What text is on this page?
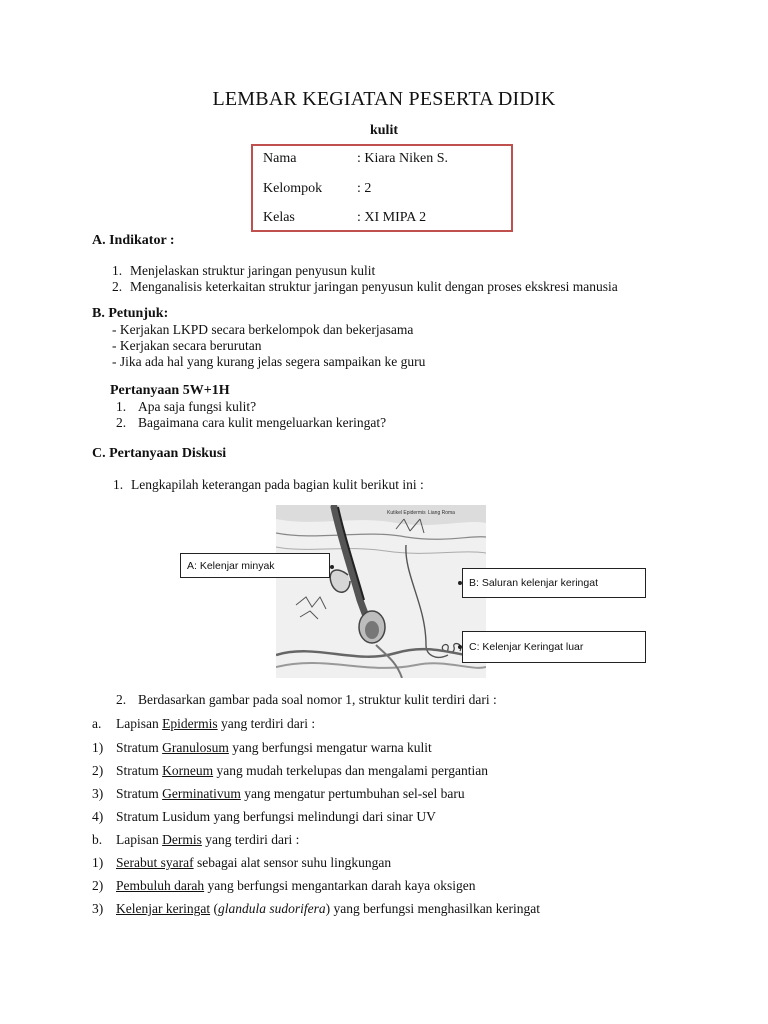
LEMBAR KEGIATAN PESERTA DIDIK
kulit
Nama	: Kiara Niken S.
Kelompok : 2
Kelas	: XI MIPA 2
A. Indikator :
1. Menjelaskan struktur jaringan penyusun kulit
2. Menganalisis keterkaitan struktur jaringan penyusun kulit dengan proses ekskresi manusia
B. Petunjuk:
- Kerjakan LKPD secara berkelompok dan bekerjasama
- Kerjakan secara berurutan
- Jika ada hal yang kurang jelas segera sampaikan ke guru
Pertanyaan 5W+1H
1. Apa saja fungsi kulit?
2. Bagaimana cara kulit mengeluarkan keringat?
C. Pertanyaan Diskusi
1. Lengkapilah keterangan pada bagian kulit berikut ini :
Kutikel Epidermis Liang Roma
A: Kelenjar minyak
B: Saluran kelenjar keringat
C: Kelenjar Keringat luar
2. Berdasarkan gambar pada soal nomor 1, struktur kulit terdiri dari :
a. Lapisan Epidermis yang terdiri dari :
1) Stratum Granulosum yang berfungsi mengatur warna kulit
2) Stratum Korneum yang mudah terkelupas dan mengalami pergantian
3) Stratum Germinativum yang mengatur pertumbuhan sel-sel baru
4) Stratum Lusidum yang berfungsi melindungi dari sinar UV
b. Lapisan Dermis yang terdiri dari :
1) Serabut syaraf sebagai alat sensor suhu lingkungan
2) Pembuluh darah yang berfungsi mengantarkan darah kaya oksigen
3) Kelenjar keringat (glandula sudorifera) yang berfungsi menghasilkan keringat
